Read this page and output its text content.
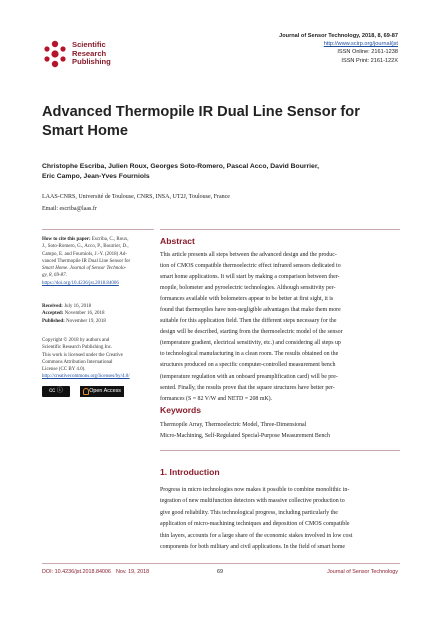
Scientific
Research
Publishing
Journal of Sensor Technology, 2018, 8, 69-87
http://www.scirp.org/journal/jst
ISSN Online: 2161-1238
ISSN Print: 2161-122X
Advanced Thermopile IR Dual Line Sensor for
Smart Home
Christophe Escriba, Julien Roux, Georges Soto-Romero, Pascal Acco, David Bourrier,
Eric Campo, Jean-Yves Fourniols
LAAS-CNRS, Université de Toulouse, CNRS, INSA, UT2J, Toulouse, France
Email: escriba@laas.fr
How to cite this paper: Escriba, C., Roux,
J., Soto-Romero, G., Acco, P., Bourrier, D.,
Campo, E. and Fourniols, J.-Y. (2018) Ad-
vanced Thermopile IR Dual Line Sensor for
Smart Home. Journal of Sensor Technolo-
gy, 8, 69-87.
https://doi.org/10.4236/jst.2018.84006
Received: July 16, 2018
Accepted: November 16, 2018
Published: November 19, 2018
Copyright © 2018 by authors and
Scientific Research Publishing Inc.
This work is licensed under the Creative
Commons Attribution International
License (CC BY 4.0).
http://creativecommons.org/licenses/by/4.0/
cc ⓘ	Open Access
Abstract
This article presents all steps between the advanced design and the produc-
tion of CMOS compatible thermoelectric effect infrared sensors dedicated to
smart home applications. It will start by making a comparison between ther-
mopile, bolometer and pyroelectric technologies. Although sensitivity per-
formances available with bolometers appear to be better at first sight, it is
found that thermopiles have non-negligible advantages that make them more
suitable for this application field. Then the different steps necessary for the
design will be described, starting from the thermoelectric model of the sensor
(temperature gradient, electrical sensitivity, etc.) and considering all steps up
to technological manufacturing in a clean room. The results obtained on the
structures produced on a specific computer-controlled measurement bench
(temperature regulation with an onboard preamplification card) will be pre-
sented. Finally, the results prove that the square structures have better per-
formances (S = 82 V/W and NETD = 208 mK).
Keywords
Thermopile Array, Thermoelectric Model, Three-Dimensional
Micro-Machining, Self-Regulated Special-Purpose Measurement Bench
1. Introduction
Progress in micro technologies now makes it possible to combine monolithic in-
tegration of new multifunction detectors with massive collective production to
give good reliability. This technological progress, including particularly the
application of micro-machining techniques and deposition of CMOS compatible
thin layers, accounts for a large share of the economic stakes involved in low cost
components for both military and civil applications. In the field of smart home
DOI: 10.4236/jst.2018.84006 Nov. 19, 2018	69	Journal of Sensor Technology
